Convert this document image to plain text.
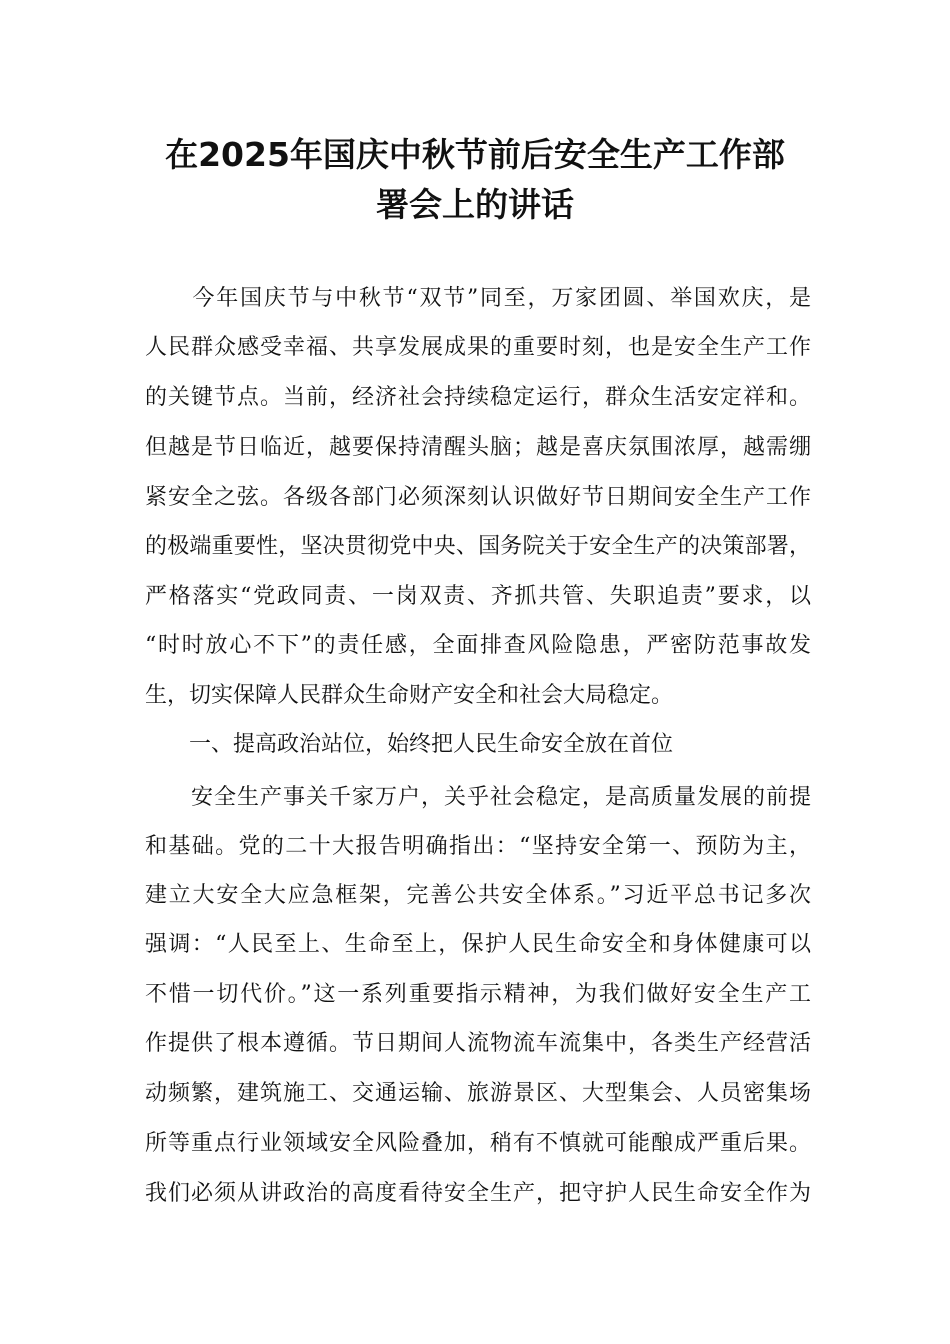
在2025年国庆中秋节前后安全生产工作部
署会上的讲话
　　今年国庆节与中秋节“双节”同至，万家团圆、举国欢庆，是
人民群众感受幸福、共享发展成果的重要时刻，也是安全生产工作
的关键节点。当前，经济社会持续稳定运行，群众生活安定祥和。
但越是节日临近，越要保持清醒头脑；越是喜庆氛围浓厚，越需绷
紧安全之弦。各级各部门必须深刻认识做好节日期间安全生产工作
的极端重要性，坚决贯彻党中央、国务院关于安全生产的决策部署，
严格落实“党政同责、一岗双责、齐抓共管、失职追责”要求，以
“时时放心不下”的责任感，全面排查风险隐患，严密防范事故发
生，切实保障人民群众生命财产安全和社会大局稳定。
　　一、提高政治站位，始终把人民生命安全放在首位
　　安全生产事关千家万户，关乎社会稳定，是高质量发展的前提
和基础。党的二十大报告明确指出：“坚持安全第一、预防为主，
建立大安全大应急框架，完善公共安全体系。”习近平总书记多次
强调：“人民至上、生命至上，保护人民生命安全和身体健康可以
不惜一切代价。”这一系列重要指示精神，为我们做好安全生产工
作提供了根本遵循。节日期间人流物流车流集中，各类生产经营活
动频繁，建筑施工、交通运输、旅游景区、大型集会、人员密集场
所等重点行业领域安全风险叠加，稍有不慎就可能酿成严重后果。
我们必须从讲政治的高度看待安全生产，把守护人民生命安全作为
